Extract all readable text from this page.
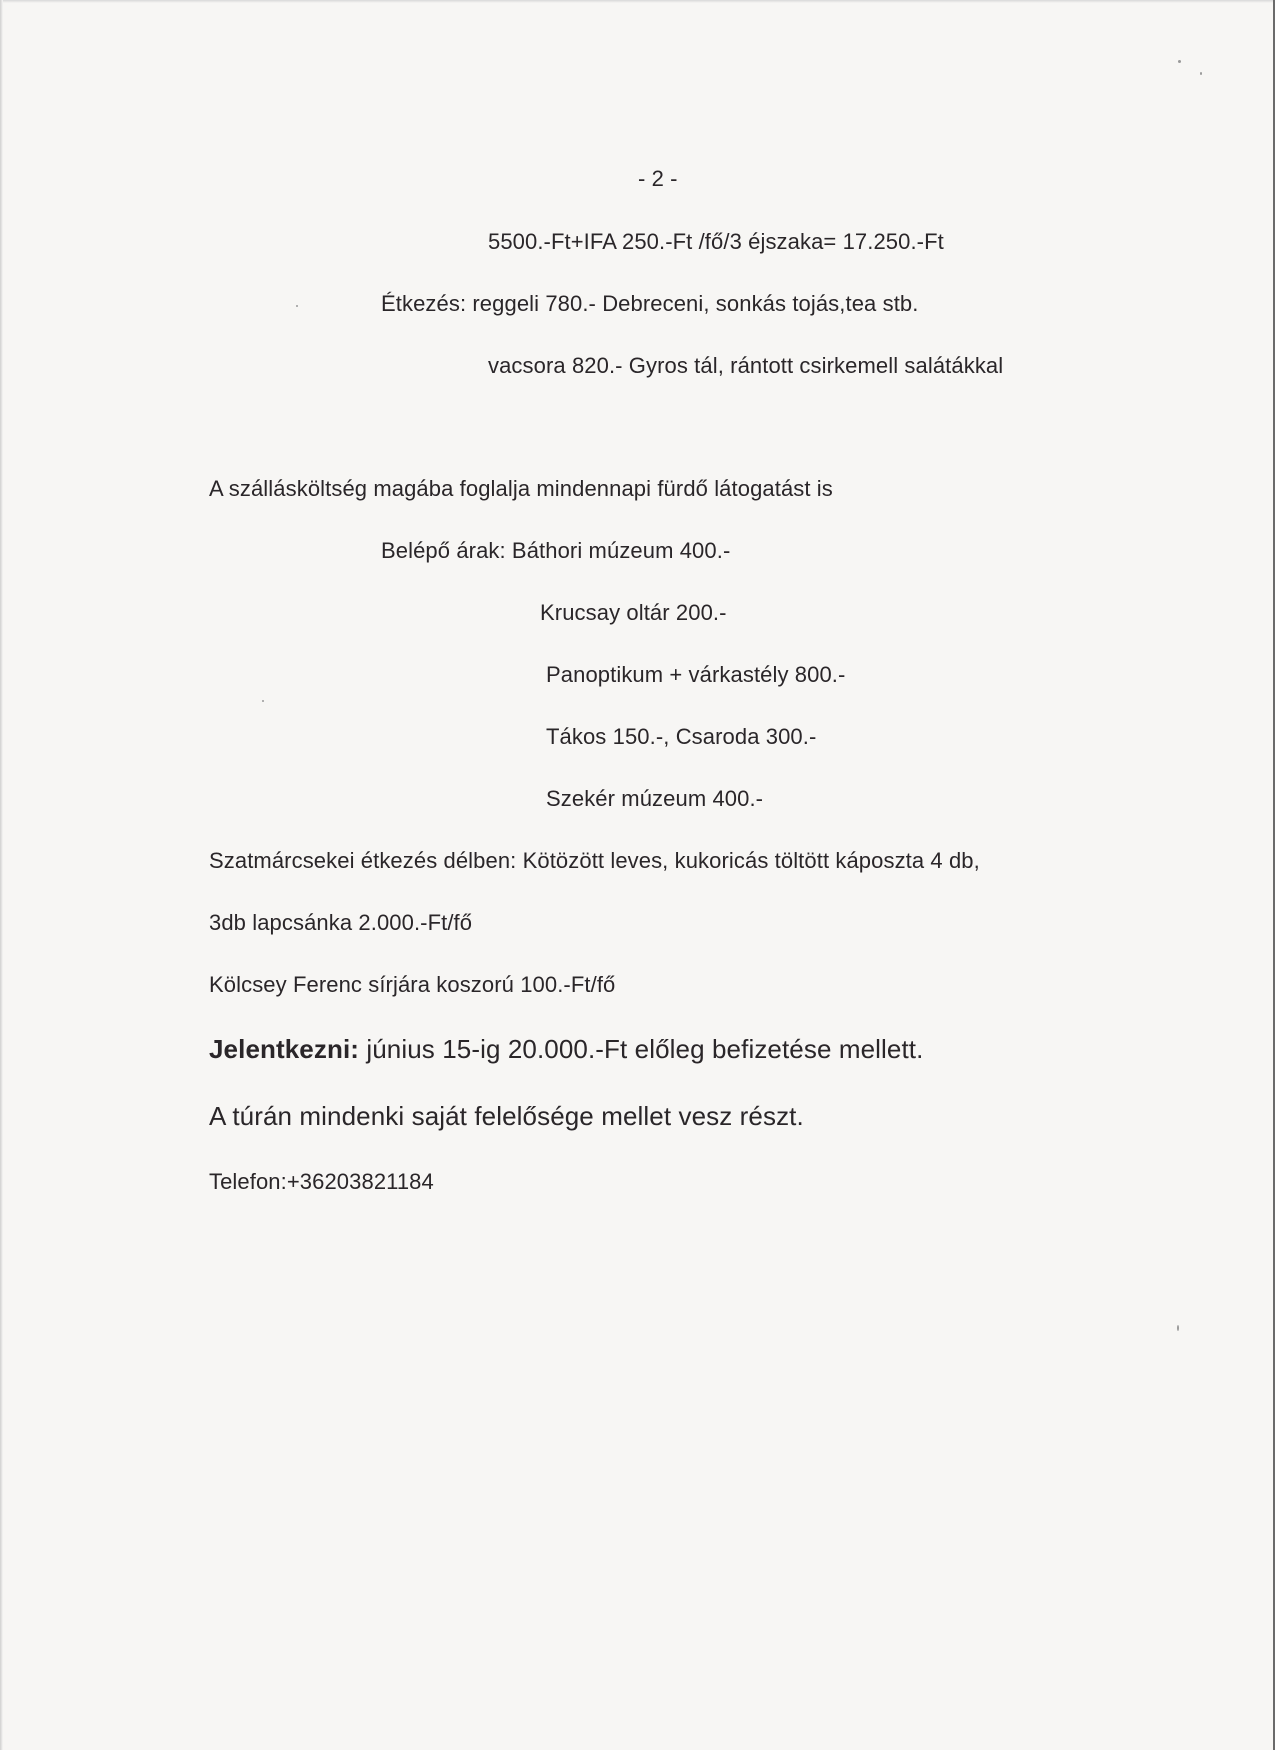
- 2 -
5500.-Ft+IFA 250.-Ft /fő/3 éjszaka= 17.250.-Ft
Étkezés: reggeli 780.- Debreceni, sonkás tojás,tea stb.
vacsora 820.- Gyros tál, rántott csirkemell salátákkal
A szállásköltség magába foglalja mindennapi fürdő látogatást is
Belépő árak: Báthori múzeum 400.-
Krucsay oltár 200.-
Panoptikum + várkastély 800.-
Tákos 150.-, Csaroda 300.-
Szekér múzeum 400.-
Szatmárcsekei étkezés délben: Kötözött leves, kukoricás töltött káposzta 4 db,
3db lapcsánka 2.000.-Ft/fő
Kölcsey Ferenc sírjára koszorú 100.-Ft/fő
Jelentkezni: június 15-ig 20.000.-Ft előleg befizetése mellett.
A túrán mindenki saját felelősége mellet vesz részt.
Telefon:+36203821184
